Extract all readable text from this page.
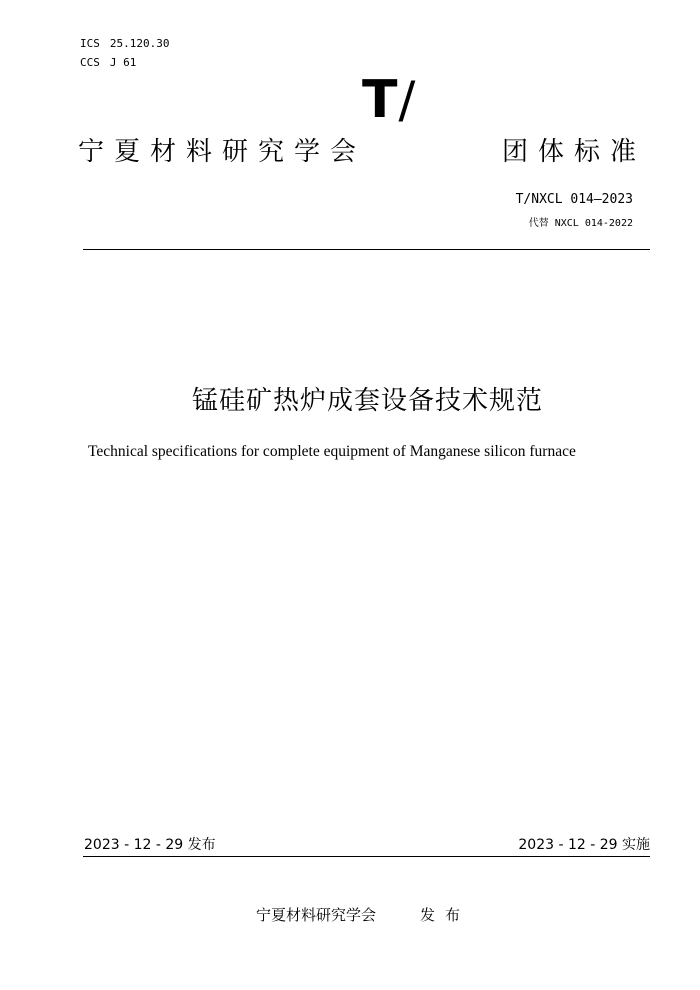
ICS 25.120.30
CCS J 61
T/
宁夏材料研究学会	团体标准
T/NXCL 014—2023
代替 NXCL 014-2022
锰硅矿热炉成套设备技术规范
Technical specifications for complete equipment of Manganese silicon furnace
2023 - 12 - 29 发布	2023 - 12 - 29 实施
宁夏材料研究学会	发布
